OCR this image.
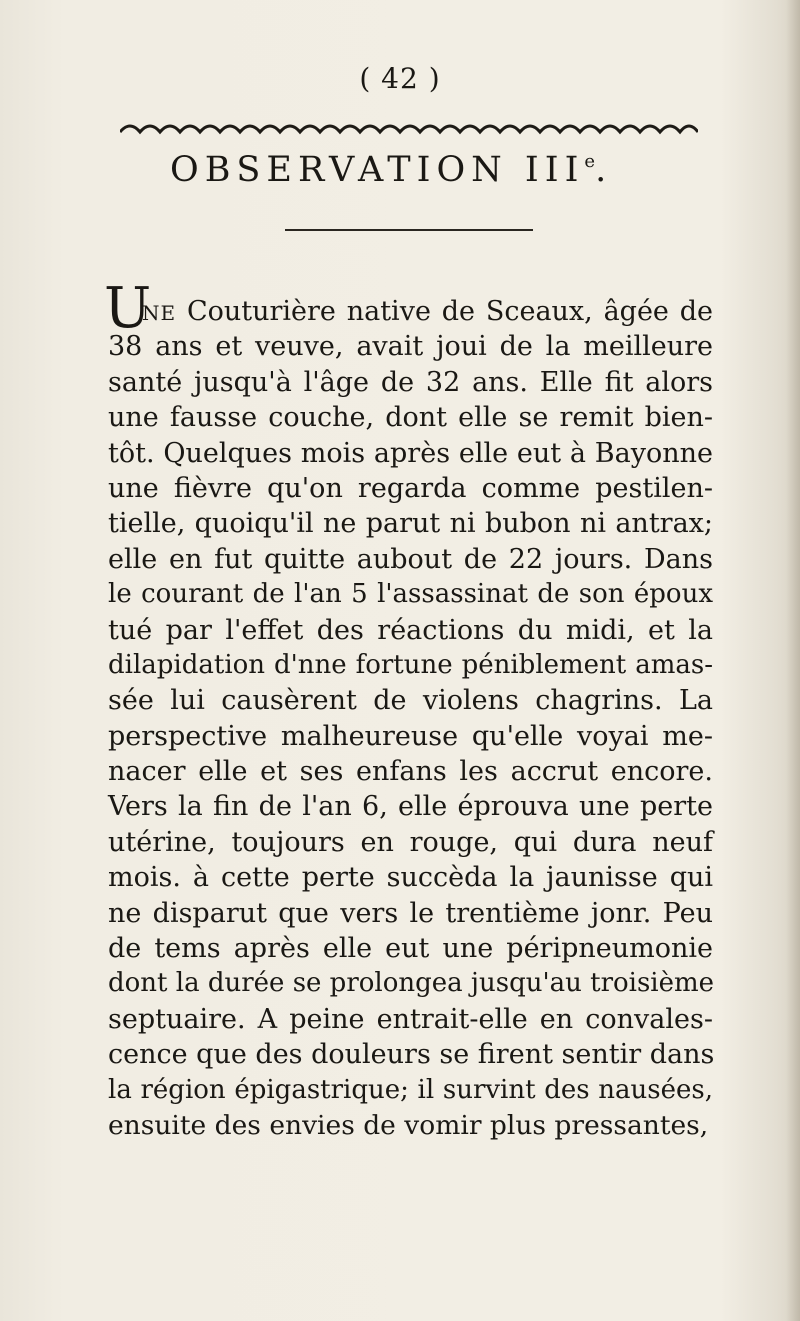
( 42 )
OBSERVATION IIIe.
U
NE Couturière native de Sceaux, âgée de
38 ans et veuve, avait joui de la meilleure
santé jusqu'à l'âge de 32 ans. Elle fit alors
une fausse couche, dont elle se remit bien-
tôt. Quelques mois après elle eut à Bayonne
une fièvre qu'on regarda comme pestilen-
tielle, quoiqu'il ne parut ni bubon ni antrax;
elle en fut quitte aubout de 22 jours. Dans
le courant de l'an 5 l'assassinat de son époux
tué par l'effet des réactions du midi, et la
dilapidation d'nne fortune péniblement amas-
sée lui causèrent de violens chagrins. La
perspective malheureuse qu'elle voyai me-
nacer elle et ses enfans les accrut encore.
Vers la fin de l'an 6, elle éprouva une perte
utérine, toujours en rouge, qui dura neuf
mois. à cette perte succèda la jaunisse qui
ne disparut que vers le trentième jonr. Peu
de tems après elle eut une péripneumonie
dont la durée se prolongea jusqu'au troisième
septuaire. A peine entrait-elle en convales-
cence que des douleurs se firent sentir dans
la région épigastrique; il survint des nausées,
ensuite des envies de vomir plus pressantes,
